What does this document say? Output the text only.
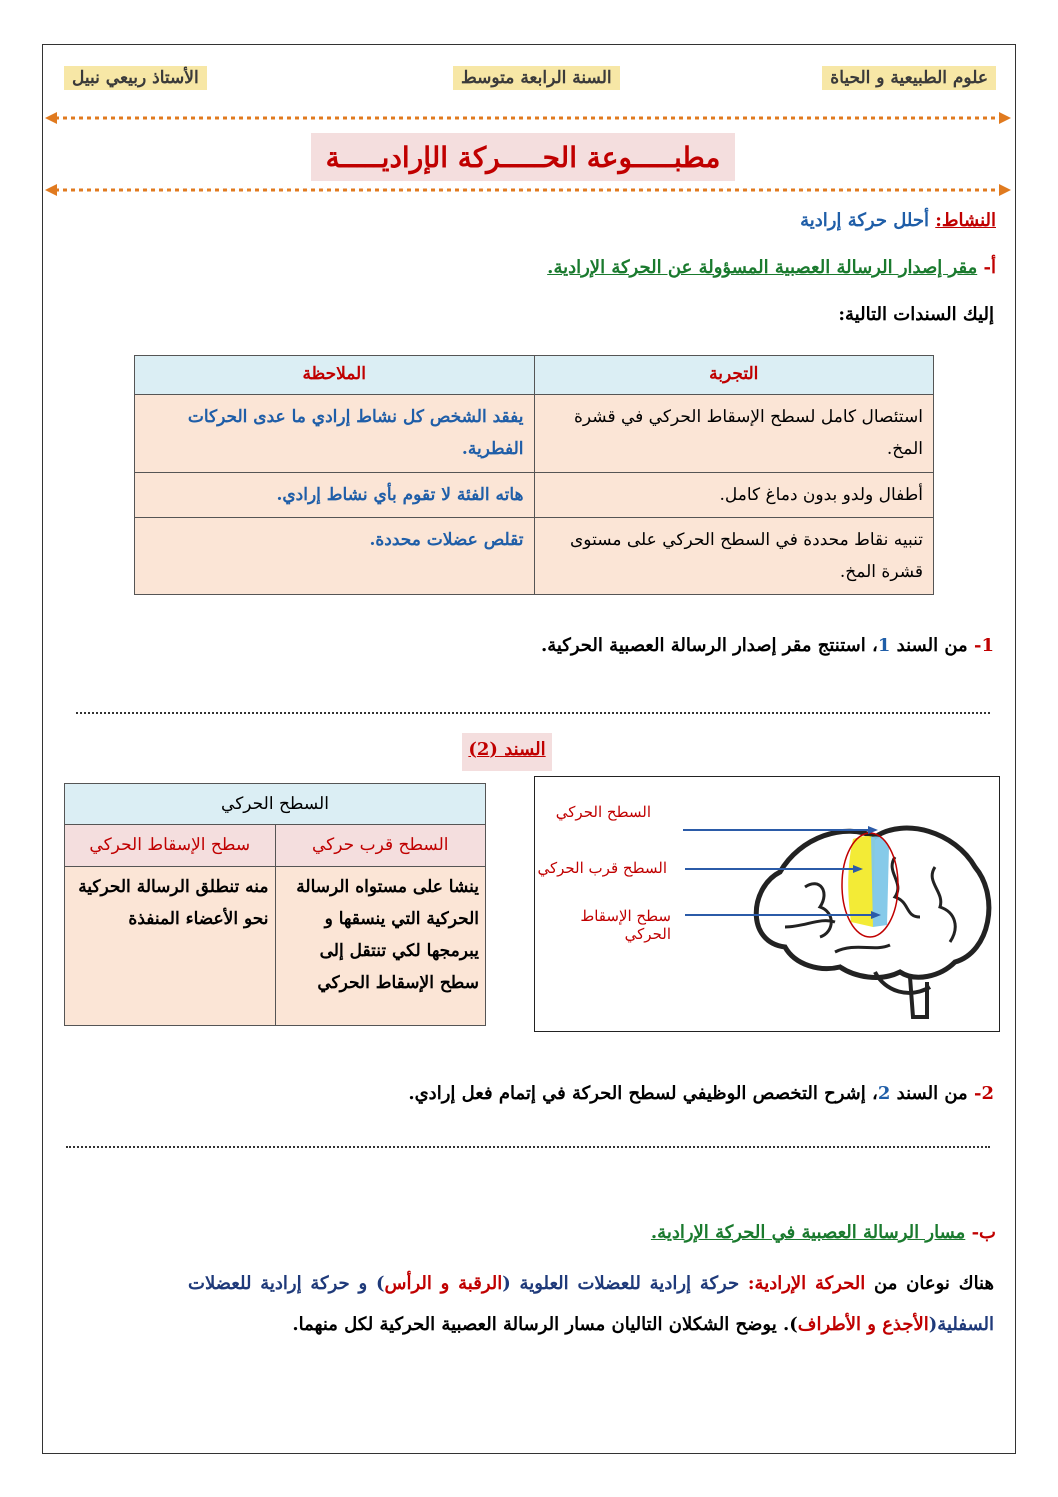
علوم الطبيعية و الحياة
السنة الرابعة متوسط
الأستاذ ربيعي نبيل
مطبـــــوعة الحـــــركة الإراديـــــة
النشاط: أحلل حركة إرادية
أ- مقر إصدار الرسالة العصبية المسؤولة عن الحركة الإرادية.
إليك السندات التالية:
التجربة	الملاحظة
استئصال كامل لسطح الإسقاط الحركي في قشرة المخ.	يفقد الشخص كل نشاط إرادي ما عدى الحركات الفطرية.
أطفال ولدو بدون دماغ كامل.	هاته الفئة لا تقوم بأي نشاط إرادي.
تنبيه نقاط محددة في السطح الحركي على مستوى قشرة المخ.	تقلص عضلات محددة.
1- من السند 1، استنتج مقر إصدار الرسالة العصبية الحركية.
السند (2)
السطح الحركي	
السطح قرب حركي	سطح الإسقاط الحركي
ينشا على مستواه الرسالة الحركية التي ينسقها و يبرمجها لكي تنتقل إلى سطح الإسقاط الحركي	منه تنطلق الرسالة الحركية نحو الأعضاء المنفذة
السطح الحركي
السطح قرب الحركي
سطح الإسقاط الحركي
2- من السند 2، إشرح التخصص الوظيفي لسطح الحركة في إتمام فعل إرادي.
ب- مسار الرسالة العصبية في الحركة الإرادية.
هناك نوعان من الحركة الإرادية: حركة إرادية للعضلات العلوية (الرقبة و الرأس) و حركة إرادية للعضلات السفلية(الأجذع و الأطراف). يوضح الشكلان التاليان مسار الرسالة العصبية الحركية لكل منهما.
